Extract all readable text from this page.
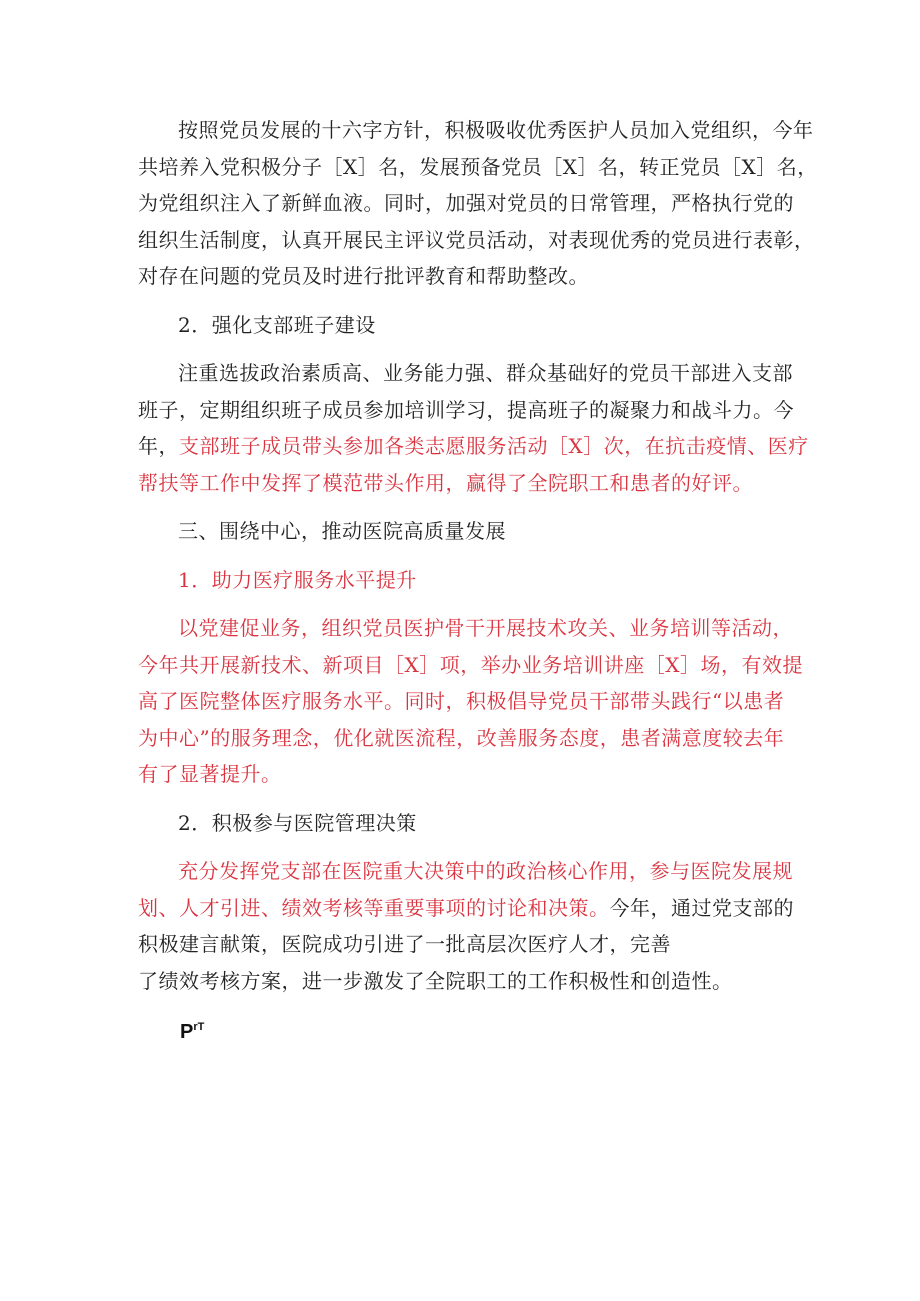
按照党员发展的十六字方针，积极吸收优秀医护人员加入党组织，今年
共培养入党积极分子［X］名，发展预备党员［X］名，转正党员［X］名，
为党组织注入了新鲜血液。同时，加强对党员的日常管理，严格执行党的
组织生活制度，认真开展民主评议党员活动，对表现优秀的党员进行表彰，
对存在问题的党员及时进行批评教育和帮助整改。
2．强化支部班子建设
注重选拔政治素质高、业务能力强、群众基础好的党员干部进入支部
班子，定期组织班子成员参加培训学习，提高班子的凝聚力和战斗力。今
年，支部班子成员带头参加各类志愿服务活动［X］次，在抗击疫情、医疗
帮扶等工作中发挥了模范带头作用，赢得了全院职工和患者的好评。
三、围绕中心，推动医院高质量发展
1．助力医疗服务水平提升
以党建促业务，组织党员医护骨干开展技术攻关、业务培训等活动，
今年共开展新技术、新项目［X］项，举办业务培训讲座［X］场，有效提
高了医院整体医疗服务水平。同时，积极倡导党员干部带头践行“以患者
为中心”的服务理念，优化就医流程，改善服务态度，患者满意度较去年
有了显著提升。
2．积极参与医院管理决策
充分发挥党支部在医院重大决策中的政治核心作用，参与医院发展规
划、人才引进、绩效考核等重要事项的讨论和决策。今年，通过党支部的
积极建言献策，医院成功引进了一批高层次医疗人才，完善
了绩效考核方案，进一步激发了全院职工的工作积极性和创造性。
$P^{rT}$
